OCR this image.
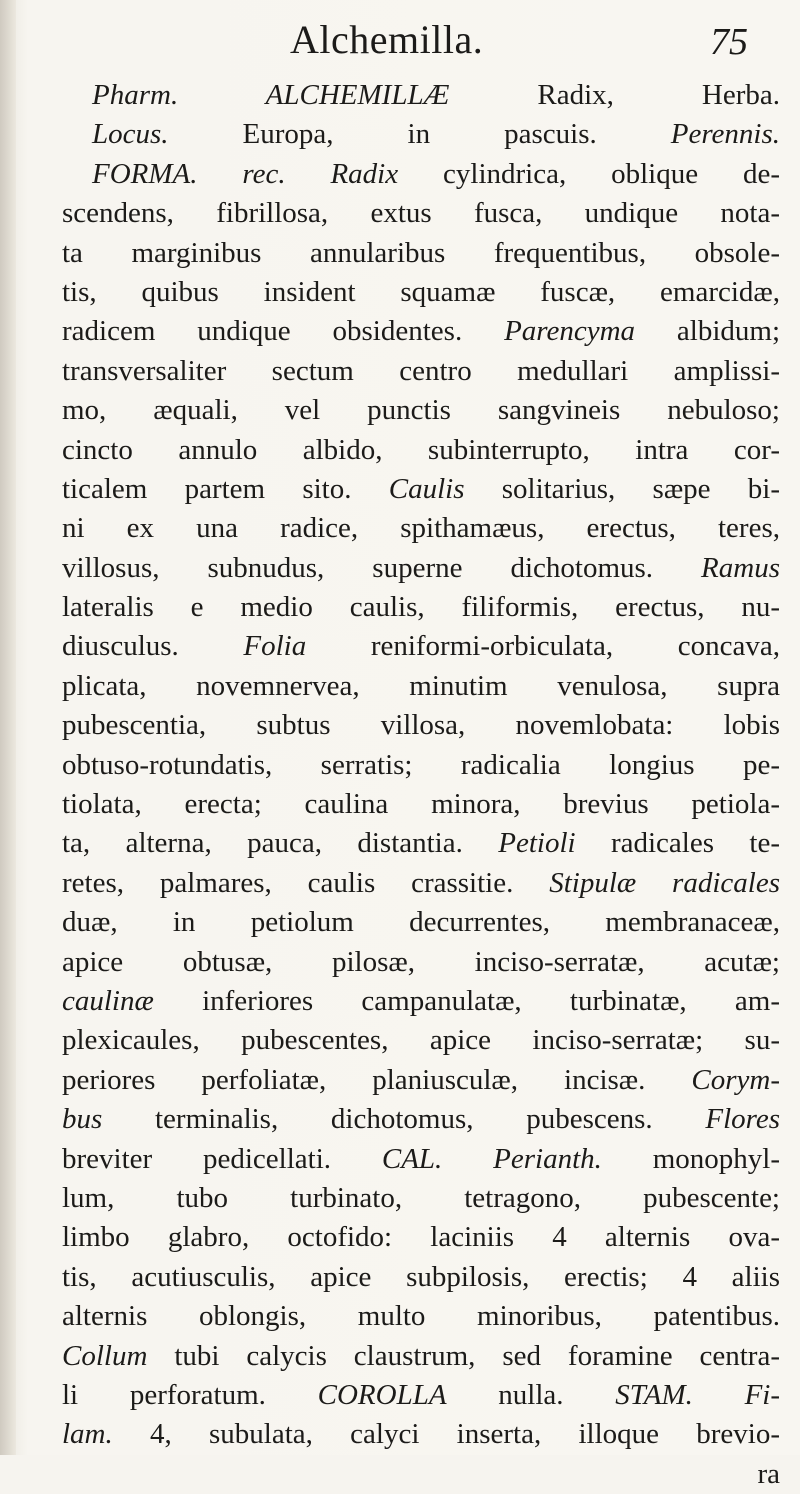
Alchemilla.	75
Pharm. ALCHEMILLÆ Radix, Herba.
Locus. Europa, in pascuis. Perennis.
FORMA. rec. Radix cylindrica, oblique de-
scendens, fibrillosa, extus fusca, undique nota-
ta marginibus annularibus frequentibus, obsole-
tis, quibus insident squamæ fuscæ, emarcidæ,
radicem undique obsidentes. Parencyma albidum;
transversaliter sectum centro medullari amplissi-
mo, æquali, vel punctis sangvineis nebuloso;
cincto annulo albido, subinterrupto, intra cor-
ticalem partem sito. Caulis solitarius, sæpe bi-
ni ex una radice, spithamæus, erectus, teres,
villosus, subnudus, superne dichotomus. Ramus
lateralis e medio caulis, filiformis, erectus, nu-
diusculus. Folia reniformi-orbiculata, concava,
plicata, novemnervea, minutim venulosa, supra
pubescentia, subtus villosa, novemlobata: lobis
obtuso-rotundatis, serratis; radicalia longius pe-
tiolata, erecta; caulina minora, brevius petiola-
ta, alterna, pauca, distantia. Petioli radicales te-
retes, palmares, caulis crassitie. Stipulæ radicales
duæ, in petiolum decurrentes, membranaceæ,
apice obtusæ, pilosæ, inciso-serratæ, acutæ;
caulinæ inferiores campanulatæ, turbinatæ, am-
plexicaules, pubescentes, apice inciso-serratæ; su-
periores perfoliatæ, planiusculæ, incisæ. Corym-
bus terminalis, dichotomus, pubescens. Flores
breviter pedicellati. CAL. Perianth. monophyl-
lum, tubo turbinato, tetragono, pubescente;
limbo glabro, octofido: laciniis 4 alternis ova-
tis, acutiusculis, apice subpilosis, erectis; 4 aliis
alternis oblongis, multo minoribus, patentibus.
Collum tubi calycis claustrum, sed foramine centra-
li perforatum. COROLLA nulla. STAM. Fi-
lam. 4, subulata, calyci inserta, illoque brevio-
ra
